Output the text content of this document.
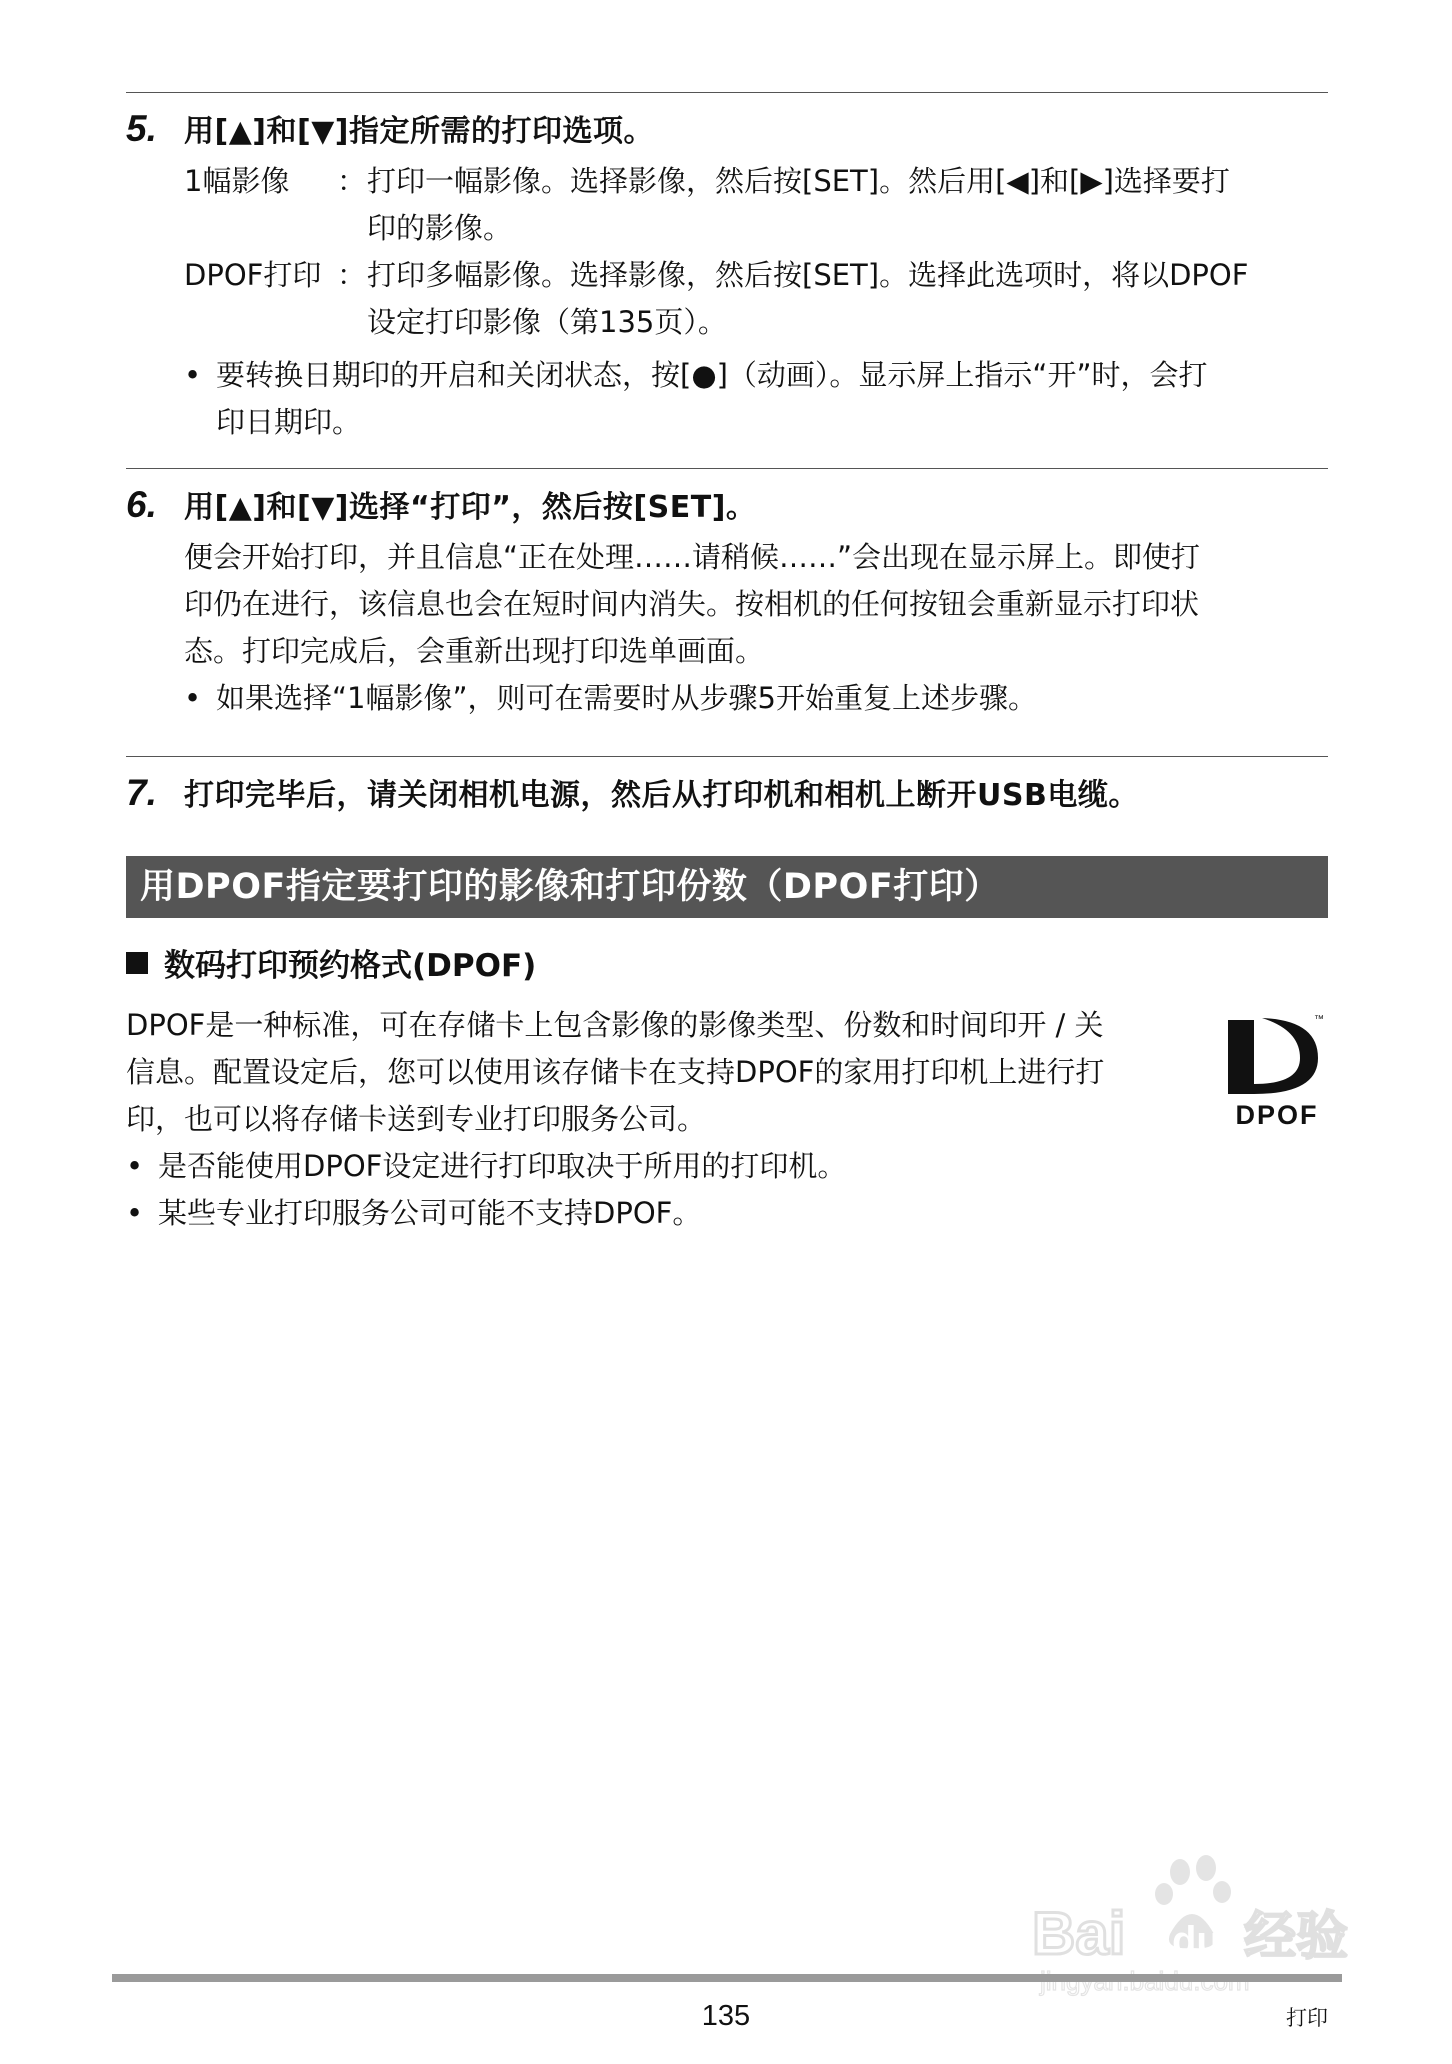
5. 用[▲]和[▼]指定所需的打印选项。
1幅影像	： 打印一幅影像。选择影像，然后按[SET]。然后用[◀]和[▶]选择要打
印的影像。
DPOF打印 ： 打印多幅影像。选择影像，然后按[SET]。选择此选项时，将以DPOF
设定打印影像（第135页）。
• 要转换日期印的开启和关闭状态，按[●]（动画）。显示屏上指示“开”时，会打
印日期印。
6. 用[▲]和[▼]选择“打印”，然后按[SET]。
便会开始打印，并且信息“正在处理……请稍候……”会出现在显示屏上。即使打
印仍在进行，该信息也会在短时间内消失。按相机的任何按钮会重新显示打印状
态。打印完成后，会重新出现打印选单画面。
• 如果选择“1幅影像”，则可在需要时从步骤5开始重复上述步骤。
7. 打印完毕后，请关闭相机电源，然后从打印机和相机上断开USB电缆。
用DPOF指定要打印的影像和打印份数（DPOF打印）
数码打印预约格式(DPOF)
DPOF是一种标准，可在存储卡上包含影像的影像类型、份数和时间印开 / 关
信息。配置设定后，您可以使用该存储卡在支持DPOF的家用打印机上进行打
印，也可以将存储卡送到专业打印服务公司。
• 是否能使用DPOF设定进行打印取决于所用的打印机。
• 某些专业打印服务公司可能不支持DPOF。
™
DPOF
Bai du 经验
135	打印
